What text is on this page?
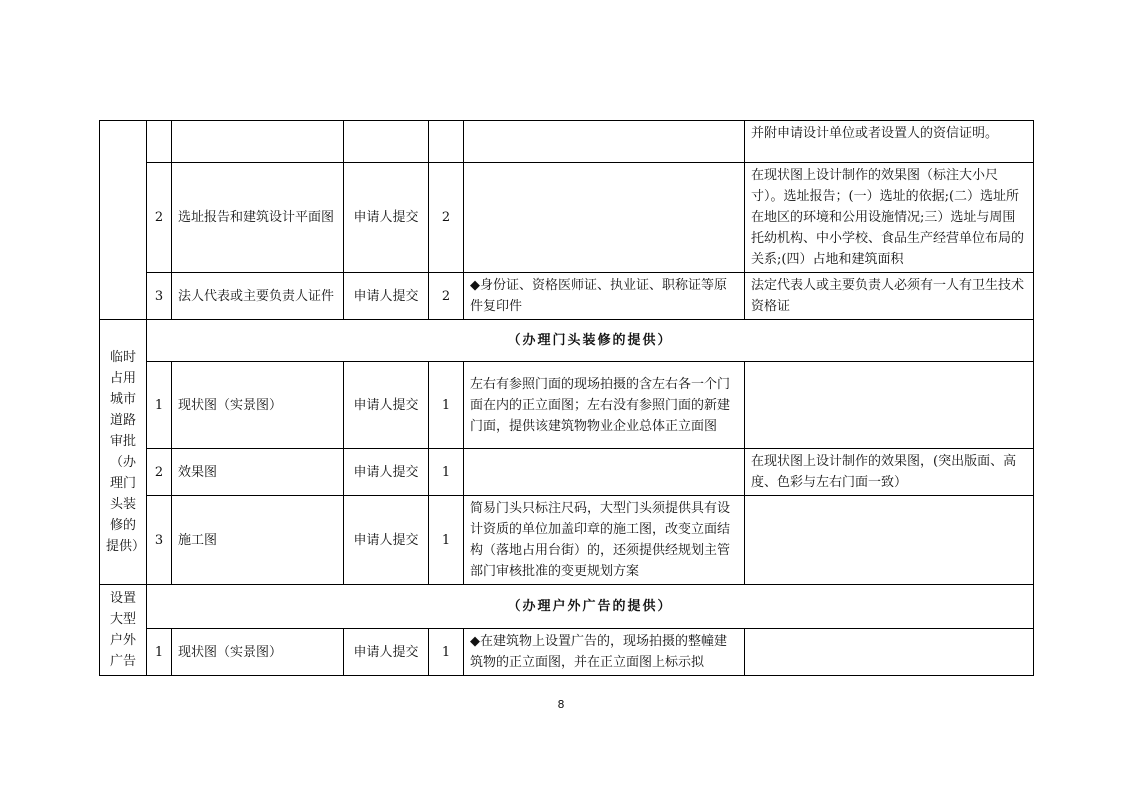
						并附申请设计单位或者设置人的资信证明。
	2	选址报告和建筑设计平面图	申请人提交	2		在现状图上设计制作的效果图（标注大小尺寸）。选址报告；(一）选址的依据;(二）选址所在地区的环境和公用设施情况;三）选址与周围托幼机构、中小学校、食品生产经营单位布局的关系;(四）占地和建筑面积
	3	法人代表或主要负责人证件	申请人提交	2	◆身份证、资格医师证、执业证、职称证等原件复印件	法定代表人或主要负责人必须有一人有卫生技术资格证
临时占用城市道路审批（办理门头装修的提供）	（办理门头装修的提供）					
	1	现状图（实景图）	申请人提交	1	左右有参照门面的现场拍摄的含左右各一个门面在内的正立面图；左右没有参照门面的新建门面，提供该建筑物物业企业总体正立面图	
	2	效果图	申请人提交	1		在现状图上设计制作的效果图，(突出版面、高度、色彩与左右门面一致）
	3	施工图	申请人提交	1	简易门头只标注尺码，大型门头须提供具有设计资质的单位加盖印章的施工图，改变立面结构（落地占用台街）的，还须提供经规划主管部门审核批准的变更规划方案	
设置大型户外广告	（办理户外广告的提供）					
	1	现状图（实景图）	申请人提交	1	◆在建筑物上设置广告的，现场拍摄的整幢建筑物的正立面图，并在正立面图上标示拟	
8
